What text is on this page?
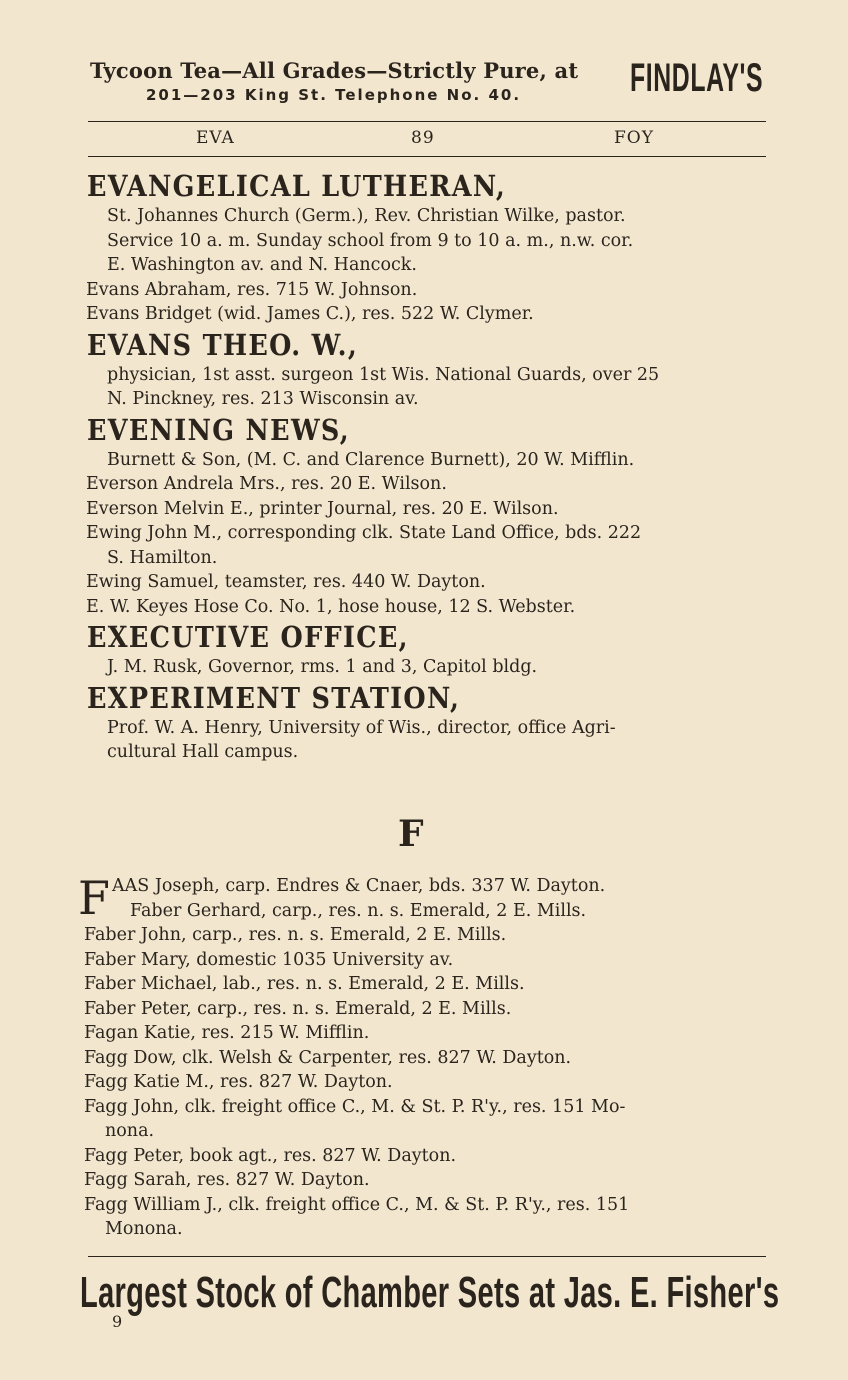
Tycoon Tea—All Grades—Strictly Pure, at FINDLAY'S
201—203 King St. Telephone No. 40.
EVA	89	FOY
EVANGELICAL LUTHERAN,
St. Johannes Church (Germ.), Rev. Christian Wilke, pastor.
Service 10 a. m. Sunday school from 9 to 10 a. m., n.w. cor.
E. Washington av. and N. Hancock.
Evans Abraham, res. 715 W. Johnson.
Evans Bridget (wid. James C.), res. 522 W. Clymer.
EVANS THEO. W.,
physician, 1st asst. surgeon 1st Wis. National Guards, over 25
N. Pinckney, res. 213 Wisconsin av.
EVENING NEWS,
Burnett & Son, (M. C. and Clarence Burnett), 20 W. Mifflin.
Everson Andrela Mrs., res. 20 E. Wilson.
Everson Melvin E., printer Journal, res. 20 E. Wilson.
Ewing John M., corresponding clk. State Land Office, bds. 222
S. Hamilton.
Ewing Samuel, teamster, res. 440 W. Dayton.
E. W. Keyes Hose Co. No. 1, hose house, 12 S. Webster.
EXECUTIVE OFFICE,
J. M. Rusk, Governor, rms. 1 and 3, Capitol bldg.
EXPERIMENT STATION,
Prof. W. A. Henry, University of Wis., director, office Agri-
cultural Hall campus.
F
F AAS Joseph, carp. Endres & Cnaer, bds. 337 W. Dayton.
Faber Gerhard, carp., res. n. s. Emerald, 2 E. Mills.
Faber John, carp., res. n. s. Emerald, 2 E. Mills.
Faber Mary, domestic 1035 University av.
Faber Michael, lab., res. n. s. Emerald, 2 E. Mills.
Faber Peter, carp., res. n. s. Emerald, 2 E. Mills.
Fagan Katie, res. 215 W. Mifflin.
Fagg Dow, clk. Welsh & Carpenter, res. 827 W. Dayton.
Fagg Katie M., res. 827 W. Dayton.
Fagg John, clk. freight office C., M. & St. P. R'y., res. 151 Mo-
nona.
Fagg Peter, book agt., res. 827 W. Dayton.
Fagg Sarah, res. 827 W. Dayton.
Fagg William J., clk. freight office C., M. & St. P. R'y., res. 151
Monona.
Largest Stock of Chamber Sets at Jas. E. Fisher's
9
